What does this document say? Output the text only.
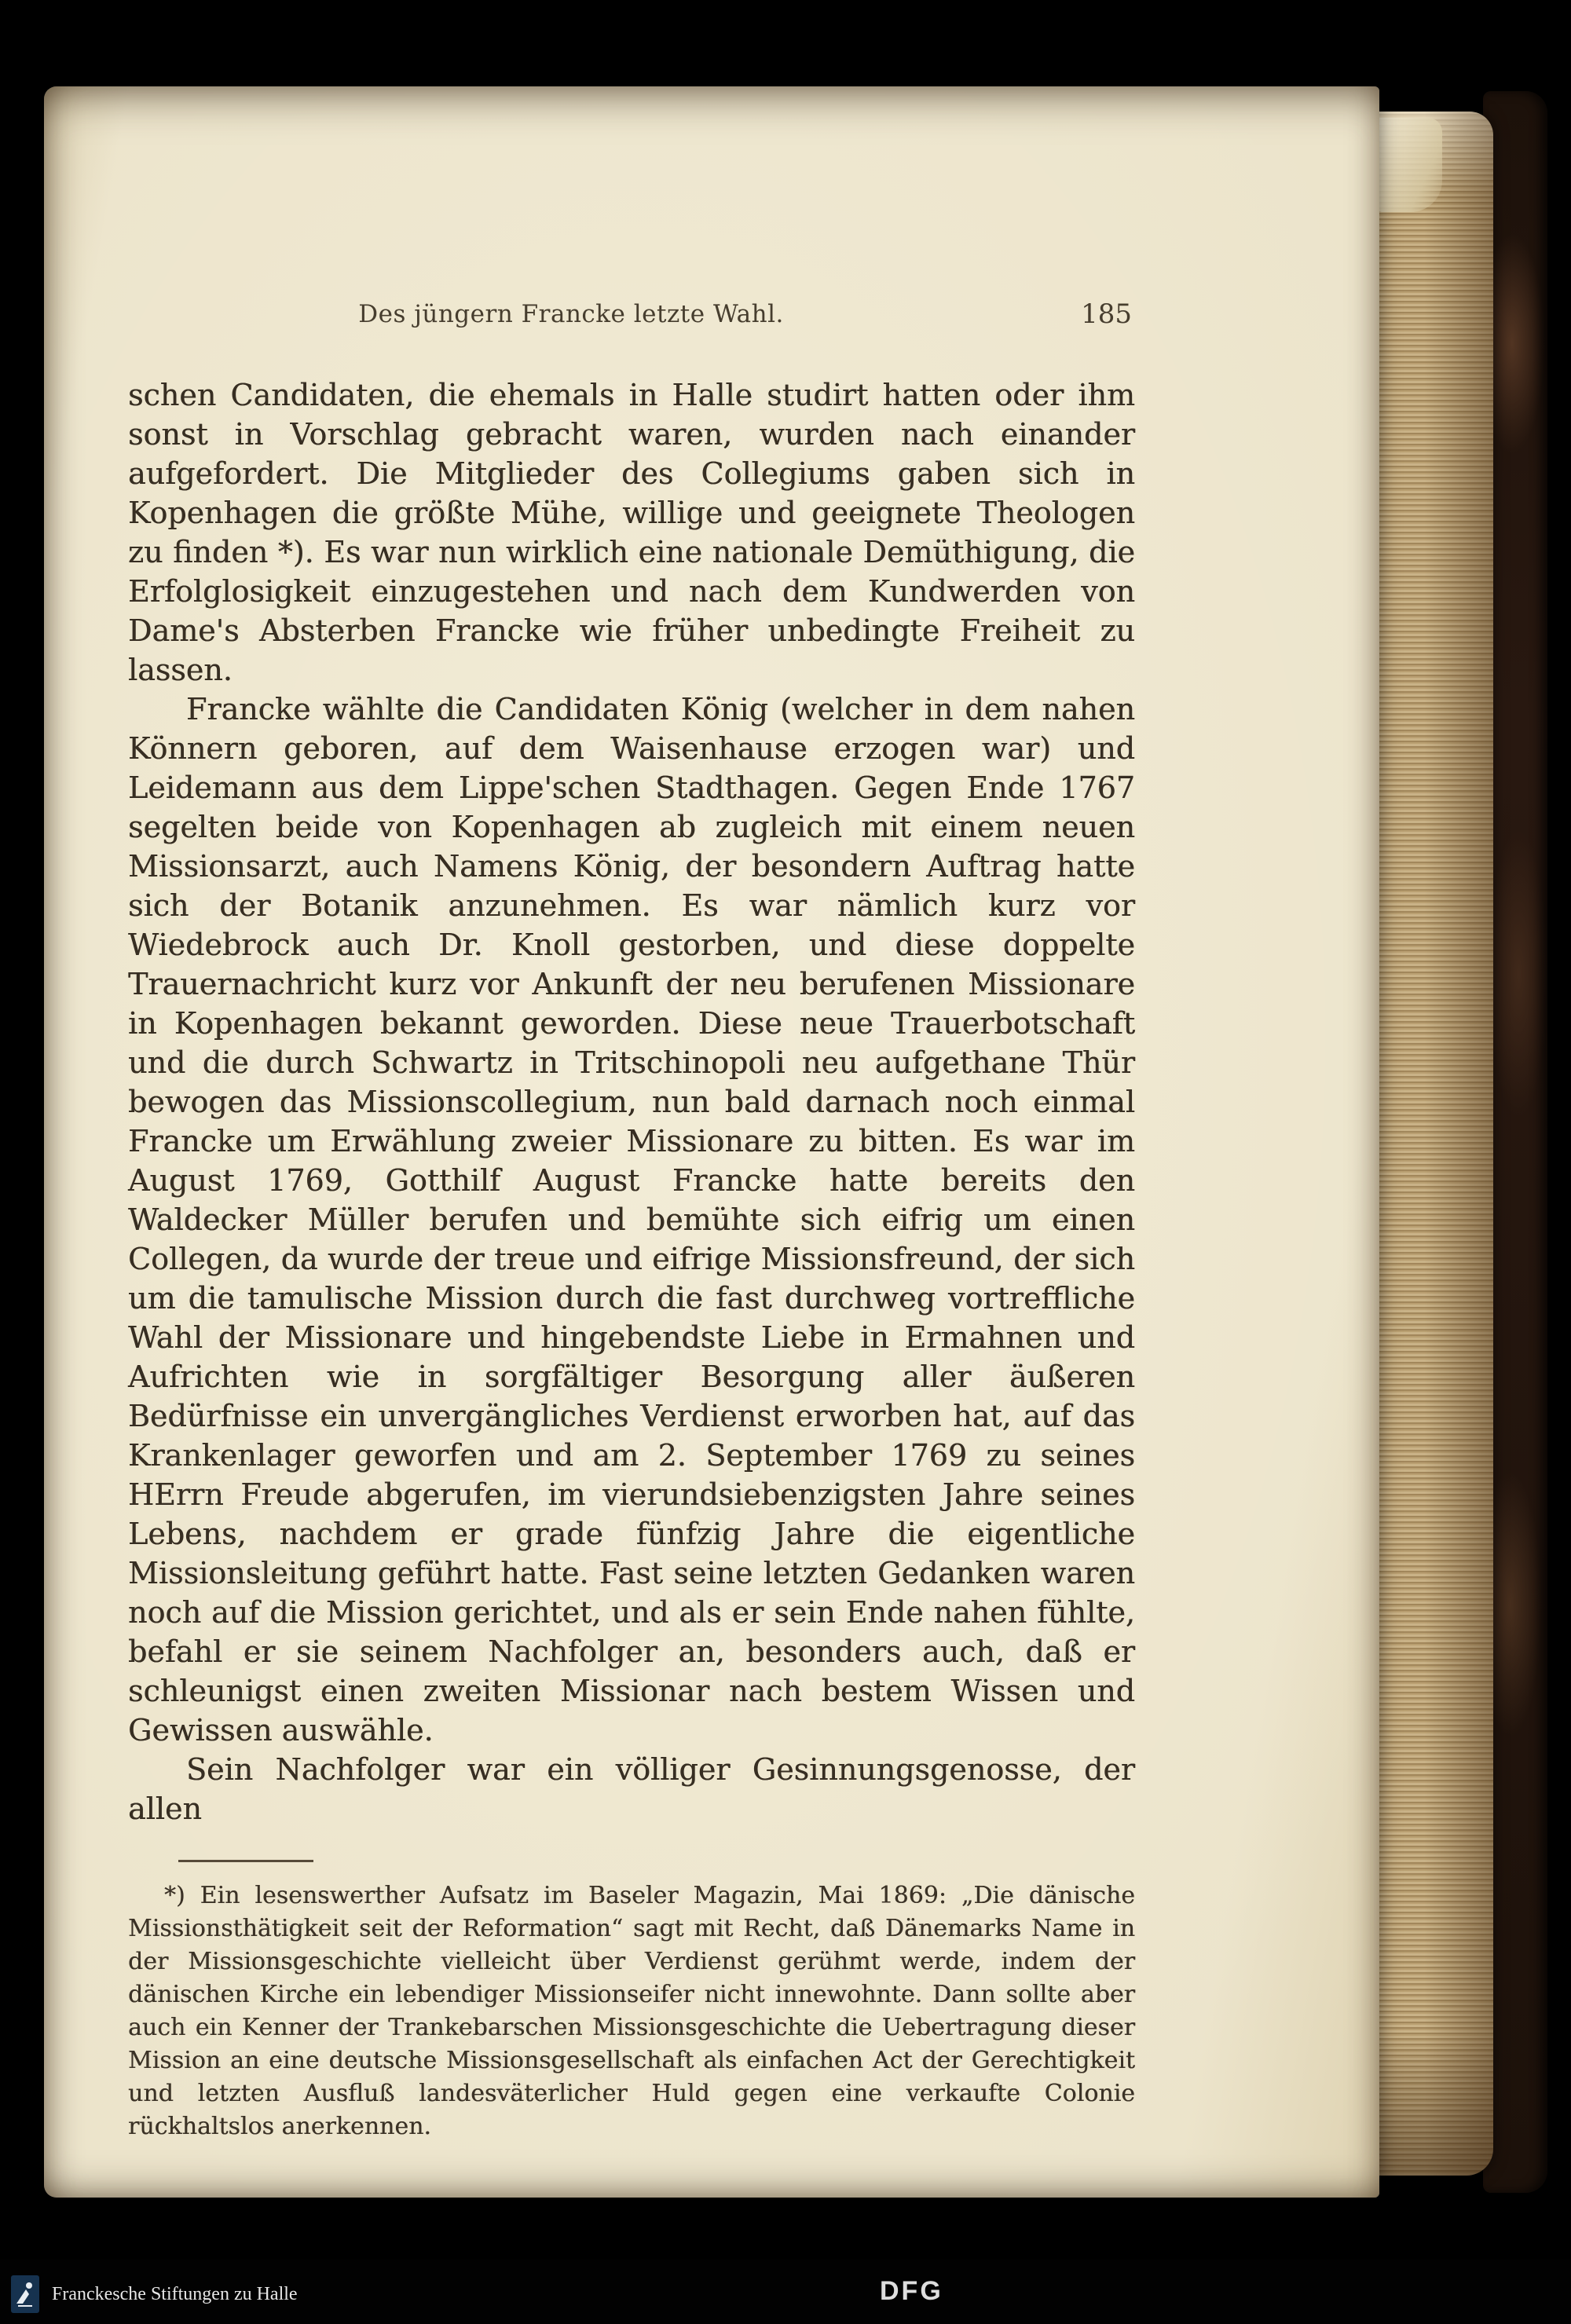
Des jüngern Francke letzte Wahl.	185

schen Candidaten, die ehemals in Halle studirt hatten oder ihm sonst in Vorschlag gebracht waren, wurden nach einander aufgefordert. Die Mitglieder des Collegiums gaben sich in Kopenhagen die größte Mühe, willige und geeignete Theologen zu finden *). Es war nun wirklich eine nationale Demüthigung, die Erfolglosigkeit einzugestehen und nach dem Kundwerden von Dame's Absterben Francke wie früher unbedingte Freiheit zu lassen.

Francke wählte die Candidaten König (welcher in dem nahen Könnern geboren, auf dem Waisenhause erzogen war) und Leidemann aus dem Lippe'schen Stadthagen. Gegen Ende 1767 segelten beide von Kopenhagen ab zugleich mit einem neuen Missionsarzt, auch Namens König, der besondern Auftrag hatte sich der Botanik anzunehmen. Es war nämlich kurz vor Wiedebrock auch Dr. Knoll gestorben, und diese doppelte Trauernachricht kurz vor Ankunft der neu berufenen Missionare in Kopenhagen bekannt geworden. Diese neue Trauerbotschaft und die durch Schwartz in Tritschinopoli neu aufgethane Thür bewogen das Missionscollegium, nun bald darnach noch einmal Francke um Erwählung zweier Missionare zu bitten. Es war im August 1769, Gotthilf August Francke hatte bereits den Waldecker Müller berufen und bemühte sich eifrig um einen Collegen, da wurde der treue und eifrige Missionsfreund, der sich um die tamulische Mission durch die fast durchweg vortreffliche Wahl der Missionare und hingebendste Liebe in Ermahnen und Aufrichten wie in sorgfältiger Besorgung aller äußeren Bedürfnisse ein unvergängliches Verdienst erworben hat, auf das Krankenlager geworfen und am 2. September 1769 zu seines HErrn Freude abgerufen, im vierundsiebenzigsten Jahre seines Lebens, nachdem er grade fünfzig Jahre die eigentliche Missionsleitung geführt hatte. Fast seine letzten Gedanken waren noch auf die Mission gerichtet, und als er sein Ende nahen fühlte, befahl er sie seinem Nachfolger an, besonders auch, daß er schleunigst einen zweiten Missionar nach bestem Wissen und Gewissen auswähle.

Sein Nachfolger war ein völliger Gesinnungsgenosse, der allen

*) Ein lesenswerther Aufsatz im Baseler Magazin, Mai 1869: „Die dänische Missionsthätigkeit seit der Reformation“ sagt mit Recht, daß Dänemarks Name in der Missionsgeschichte vielleicht über Verdienst gerühmt werde, indem der dänischen Kirche ein lebendiger Missionseifer nicht innewohnte. Dann sollte aber auch ein Kenner der Trankebarschen Missionsgeschichte die Uebertragung dieser Mission an eine deutsche Missionsgesellschaft als einfachen Act der Gerechtigkeit und letzten Ausfluß landesväterlicher Huld gegen eine verkaufte Colonie rückhaltslos anerkennen.

Franckesche Stiftungen zu Halle	DFG
